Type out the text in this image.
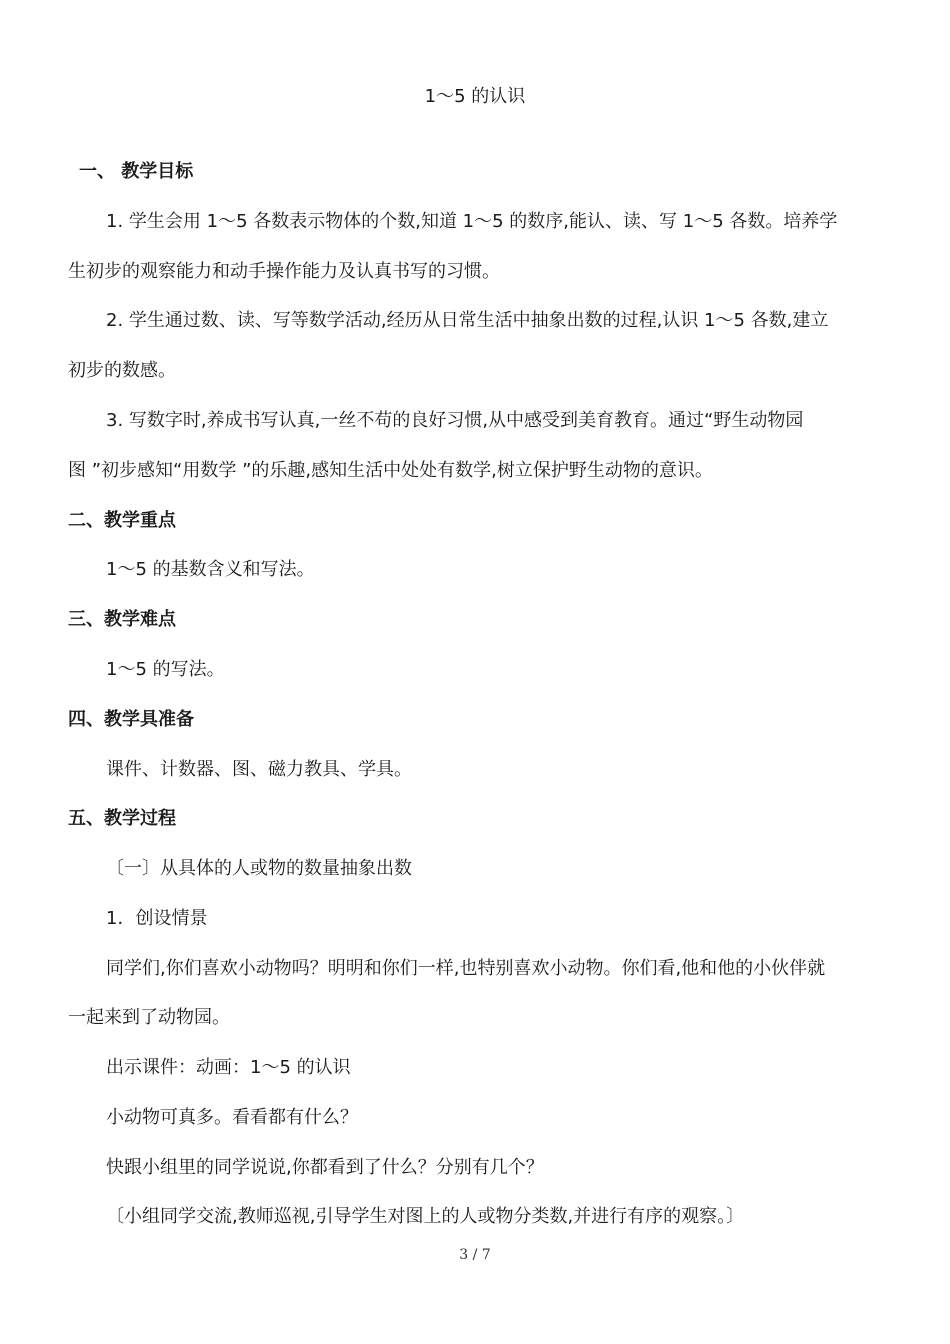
1～5 的认识
一、 教学目标
1. 学生会用 1～5 各数表示物体的个数,知道 1～5 的数序,能认、读、写 1～5 各数。培养学
生初步的观察能力和动手操作能力及认真书写的习惯。
2. 学生通过数、读、写等数学活动,经历从日常生活中抽象出数的过程,认识 1～5 各数,建立
初步的数感。
3. 写数字时,养成书写认真,一丝不苟的良好习惯,从中感受到美育教育。通过“野生动物园
图 ”初步感知“用数学 ”的乐趣,感知生活中处处有数学,树立保护野生动物的意识。
二、教学重点
1～5 的基数含义和写法。
三、教学难点
1～5 的写法。
四、教学具准备
课件、计数器、图、磁力教具、学具。
五、教学过程
〔一〕从具体的人或物的数量抽象出数
1．创设情景
同学们,你们喜欢小动物吗？明明和你们一样,也特别喜欢小动物。你们看,他和他的小伙伴就
一起来到了动物园。
出示课件：动画：1～5 的认识
小动物可真多。看看都有什么？
快跟小组里的同学说说,你都看到了什么？分别有几个？
〔小组同学交流,教师巡视,引导学生对图上的人或物分类数,并进行有序的观察。〕
3 / 7
